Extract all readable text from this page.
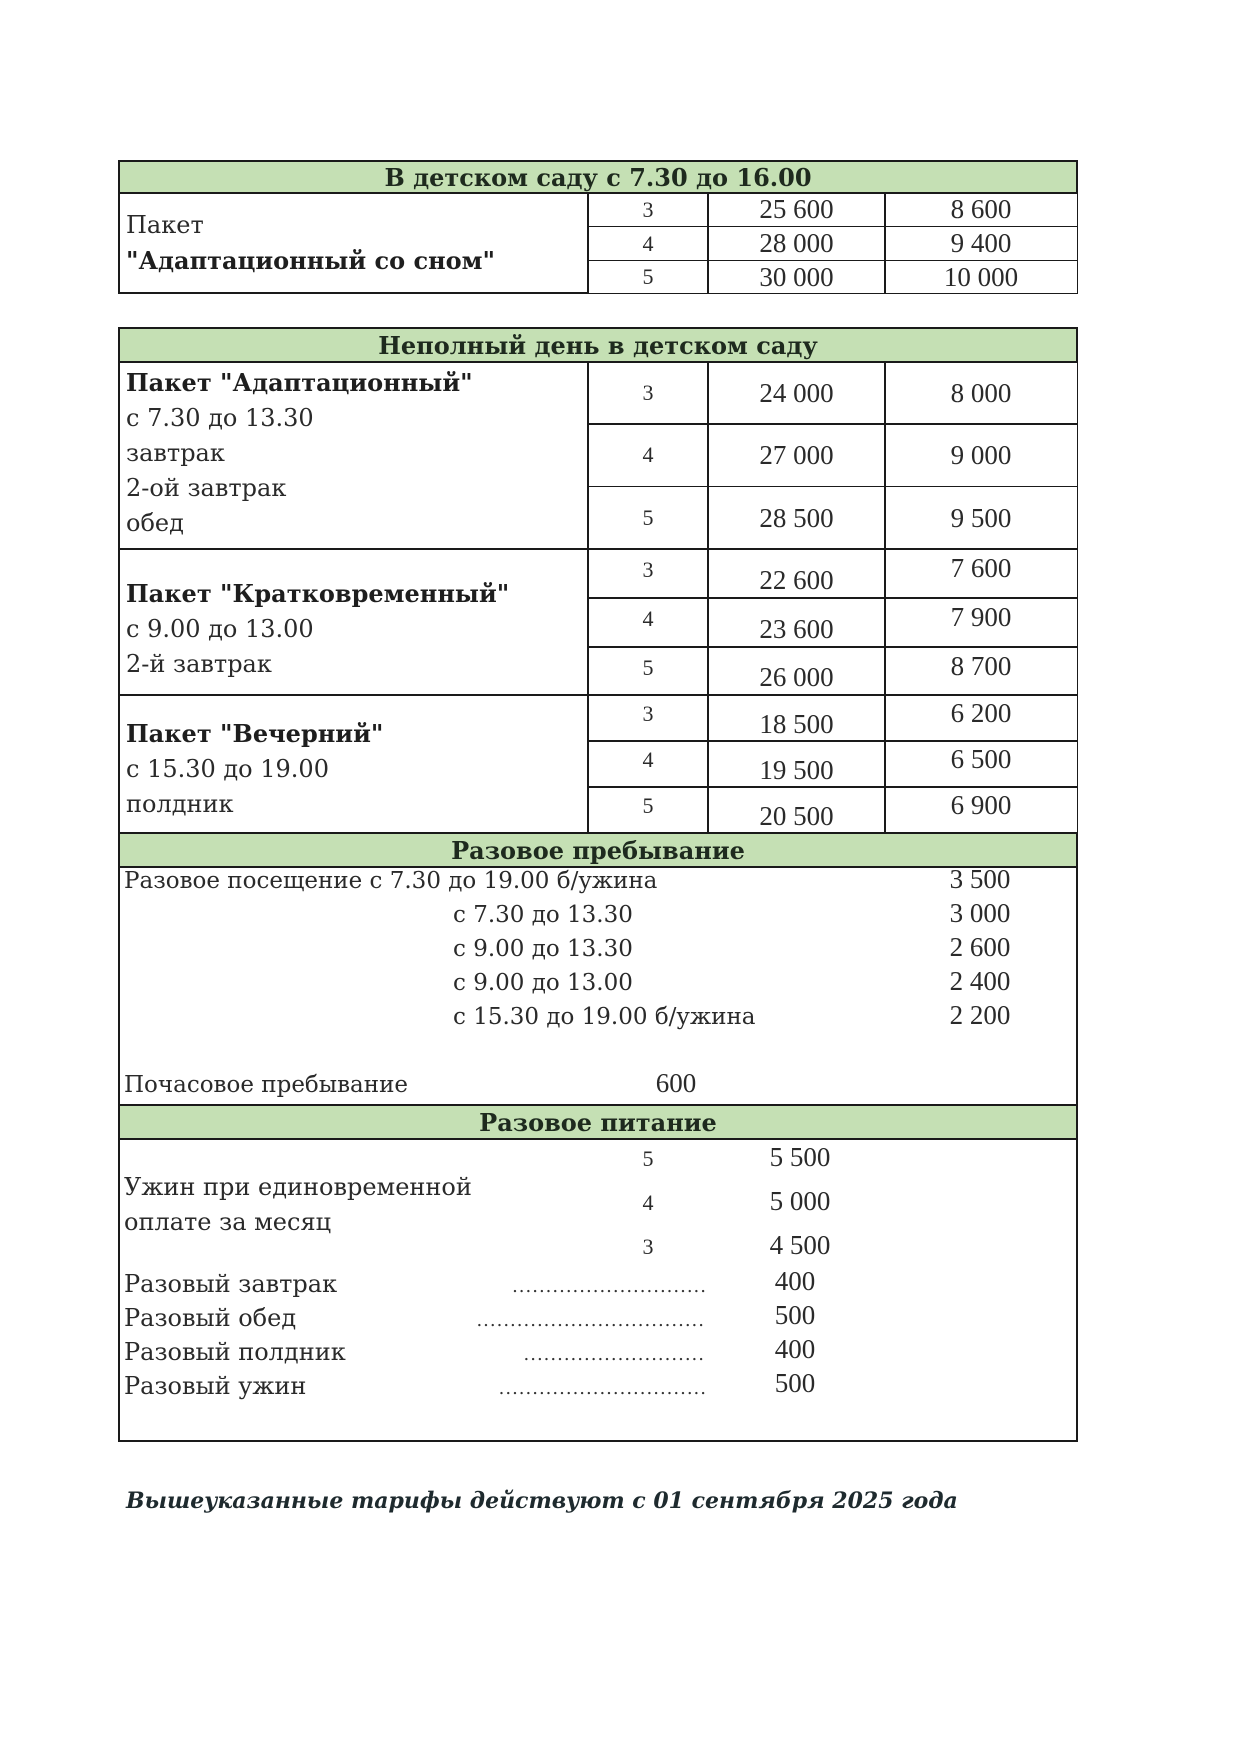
В детском саду с 7.30 до 16.00
Пакет
"Адаптационный со сном"
3	25 600	8 600
4	28 000	9 400
5	30 000	10 000
Неполный день в детском саду
Пакет "Адаптационный"
с 7.30 до 13.30
завтрак
2-ой завтрак
обед
3	24 000	8 000
4	27 000	9 000
5	28 500	9 500
Пакет "Кратковременный"
с 9.00 до 13.00
2-й завтрак
3	22 600	7 600
4	23 600	7 900
5	26 000	8 700
Пакет "Вечерний"
с 15.30 до 19.00
полдник
3	18 500	6 200
4	19 500	6 500
5	20 500	6 900
Разовое пребывание
Разовое посещение с 7.30 до 19.00 б/ужина	3 500
с 7.30 до 13.30	3 000
с 9.00 до 13.30	2 600
с 9.00 до 13.00	2 400
с 15.30 до 19.00 б/ужина	2 200
Почасовое пребывание	600
Разовое питание
Ужин при единовременной
оплате за месяц
5	5 500
4	5 000
3	4 500
Разовый завтрак	.............................	400
Разовый обед	..................................	500
Разовый полдник	...........................	400
Разовый ужин	...............................	500
Вышеуказанные тарифы действуют с 01 сентября 2025 года
